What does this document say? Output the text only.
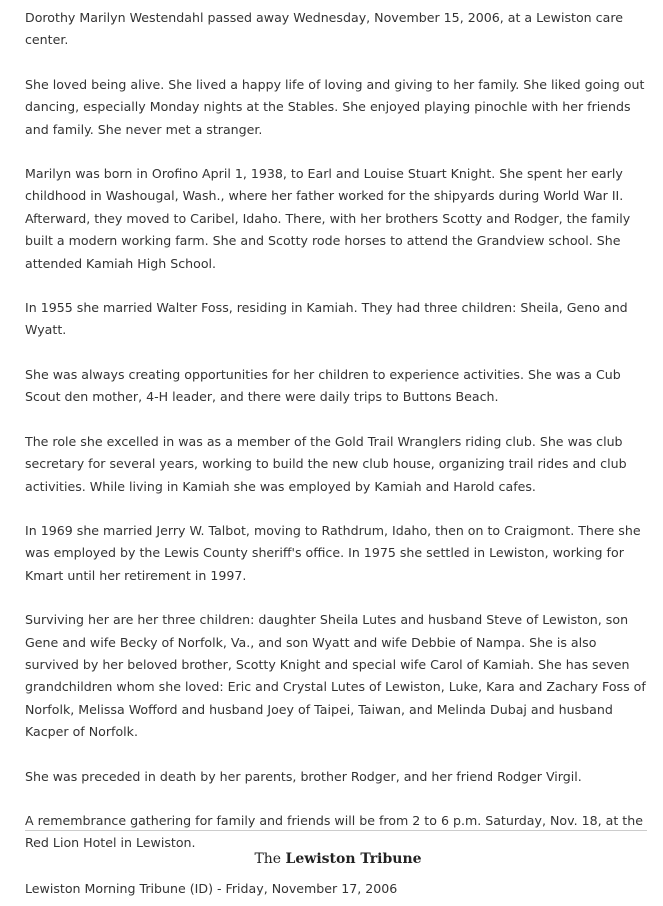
Dorothy Marilyn Westendahl passed away Wednesday, November 15, 2006, at a Lewiston care center.

She loved being alive. She lived a happy life of loving and giving to her family. She liked going out dancing, especially Monday nights at the Stables. She enjoyed playing pinochle with her friends and family. She never met a stranger.

Marilyn was born in Orofino April 1, 1938, to Earl and Louise Stuart Knight. She spent her early childhood in Washougal, Wash., where her father worked for the shipyards during World War II. Afterward, they moved to Caribel, Idaho. There, with her brothers Scotty and Rodger, the family built a modern working farm. She and Scotty rode horses to attend the Grandview school. She attended Kamiah High School.

In 1955 she married Walter Foss, residing in Kamiah. They had three children: Sheila, Geno and Wyatt.

She was always creating opportunities for her children to experience activities. She was a Cub Scout den mother, 4-H leader, and there were daily trips to Buttons Beach.

The role she excelled in was as a member of the Gold Trail Wranglers riding club. She was club secretary for several years, working to build the new club house, organizing trail rides and club activities. While living in Kamiah she was employed by Kamiah and Harold cafes.

In 1969 she married Jerry W. Talbot, moving to Rathdrum, Idaho, then on to Craigmont. There she was employed by the Lewis County sheriff's office. In 1975 she settled in Lewiston, working for Kmart until her retirement in 1997.

Surviving her are her three children: daughter Sheila Lutes and husband Steve of Lewiston, son Gene and wife Becky of Norfolk, Va., and son Wyatt and wife Debbie of Nampa. She is also survived by her beloved brother, Scotty Knight and special wife Carol of Kamiah. She has seven grandchildren whom she loved: Eric and Crystal Lutes of Lewiston, Luke, Kara and Zachary Foss of Norfolk, Melissa Wofford and husband Joey of Taipei, Taiwan, and Melinda Dubaj and husband Kacper of Norfolk.

She was preceded in death by her parents, brother Rodger, and her friend Rodger Virgil.

A remembrance gathering for family and friends will be from 2 to 6 p.m. Saturday, Nov. 18, at the Red Lion Hotel in Lewiston.

The Lewiston Tribune
Lewiston Morning Tribune (ID) - Friday, November 17, 2006
